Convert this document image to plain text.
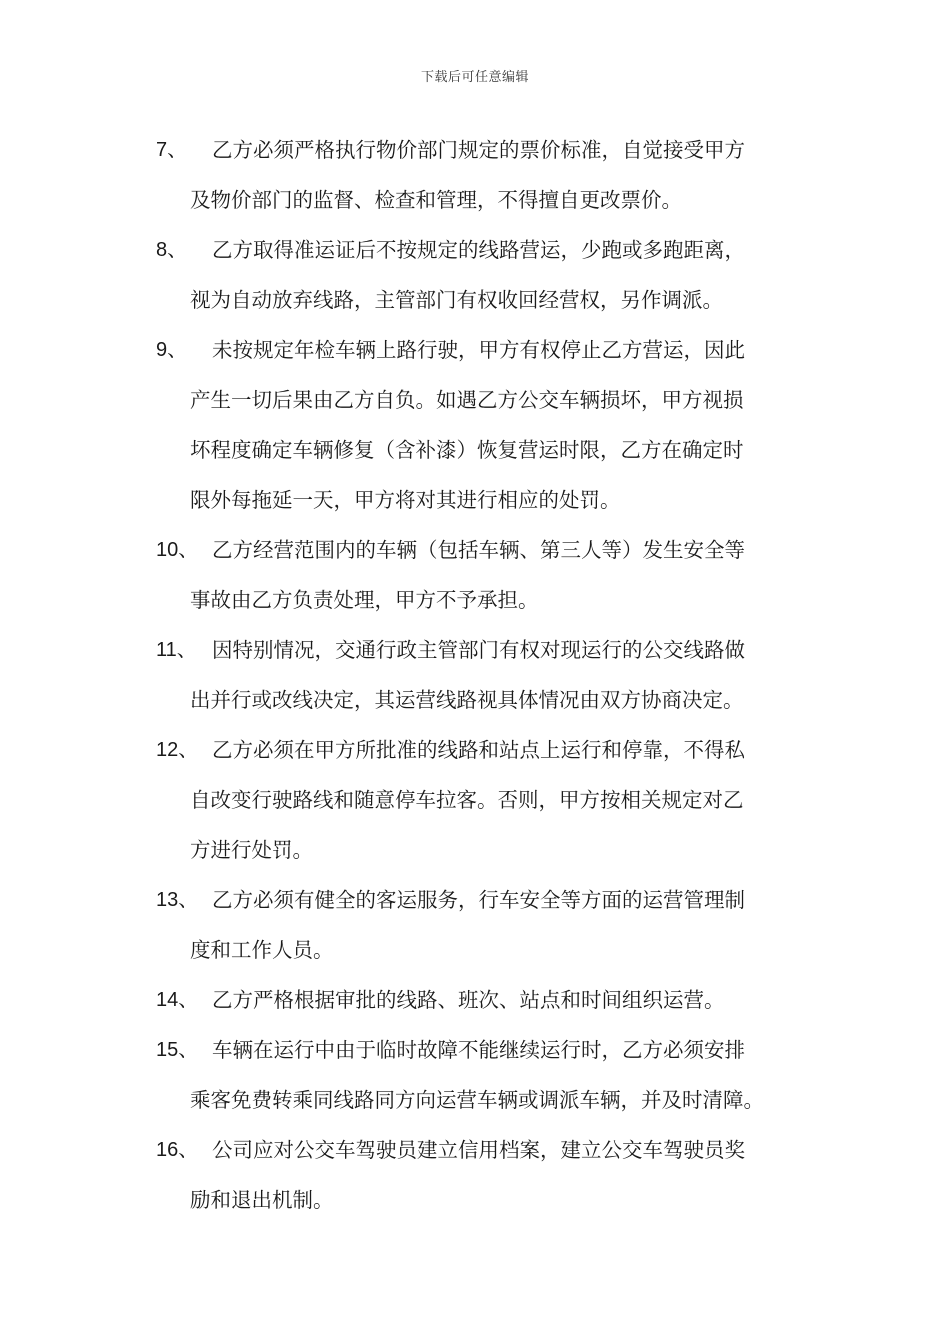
下载后可任意编辑
7、 乙方必须严格执行物价部门规定的票价标准，自觉接受甲方
及物价部门的监督、检查和管理，不得擅自更改票价。
8、 乙方取得准运证后不按规定的线路营运，少跑或多跑距离，
视为自动放弃线路，主管部门有权收回经营权，另作调派。
9、 未按规定年检车辆上路行驶，甲方有权停止乙方营运，因此
产生一切后果由乙方自负。如遇乙方公交车辆损坏，甲方视损
坏程度确定车辆修复（含补漆）恢复营运时限，乙方在确定时
限外每拖延一天，甲方将对其进行相应的处罚。
10、 乙方经营范围内的车辆（包括车辆、第三人等）发生安全等
事故由乙方负责处理，甲方不予承担。
11、 因特别情况，交通行政主管部门有权对现运行的公交线路做
出并行或改线决定，其运营线路视具体情况由双方协商决定。
12、 乙方必须在甲方所批准的线路和站点上运行和停靠，不得私
自改变行驶路线和随意停车拉客。否则，甲方按相关规定对乙
方进行处罚。
13、 乙方必须有健全的客运服务，行车安全等方面的运营管理制
度和工作人员。
14、 乙方严格根据审批的线路、班次、站点和时间组织运营。
15、 车辆在运行中由于临时故障不能继续运行时，乙方必须安排
乘客免费转乘同线路同方向运营车辆或调派车辆，并及时清障。
16、 公司应对公交车驾驶员建立信用档案，建立公交车驾驶员奖
励和退出机制。
